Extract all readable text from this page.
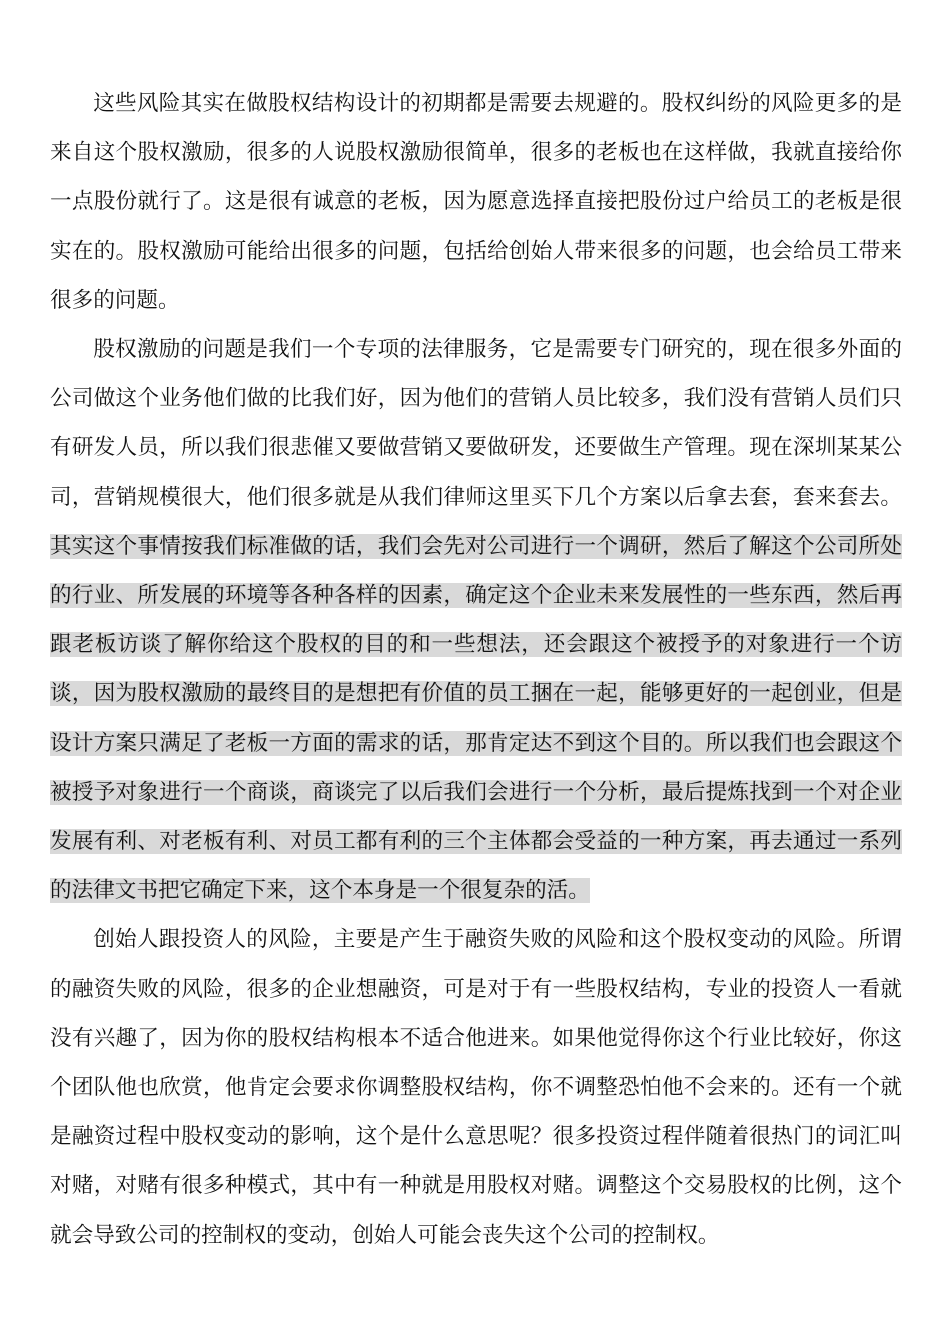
这些风险其实在做股权结构设计的初期都是需要去规避的。股权纠纷的风险更多的是来自这个股权激励，很多的人说股权激励很简单，很多的老板也在这样做，我就直接给你一点股份就行了。这是很有诚意的老板，因为愿意选择直接把股份过户给员工的老板是很实在的。股权激励可能给出很多的问题，包括给创始人带来很多的问题，也会给员工带来很多的问题。

股权激励的问题是我们一个专项的法律服务，它是需要专门研究的，现在很多外面的公司做这个业务他们做的比我们好，因为他们的营销人员比较多，我们没有营销人员们只有研发人员，所以我们很悲催又要做营销又要做研发，还要做生产管理。现在深圳某某公司，营销规模很大，他们很多就是从我们律师这里买下几个方案以后拿去套，套来套去。其实这个事情按我们标准做的话，我们会先对公司进行一个调研，然后了解这个公司所处的行业、所发展的环境等各种各样的因素，确定这个企业未来发展性的一些东西，然后再跟老板访谈了解你给这个股权的目的和一些想法，还会跟这个被授予的对象进行一个访谈，因为股权激励的最终目的是想把有价值的员工捆在一起，能够更好的一起创业，但是设计方案只满足了老板一方面的需求的话，那肯定达不到这个目的。所以我们也会跟这个被授予对象进行一个商谈，商谈完了以后我们会进行一个分析，最后提炼找到一个对企业发展有利、对老板有利、对员工都有利的三个主体都会受益的一种方案，再去通过一系列的法律文书把它确定下来，这个本身是一个很复杂的活。

创始人跟投资人的风险，主要是产生于融资失败的风险和这个股权变动的风险。所谓的融资失败的风险，很多的企业想融资，可是对于有一些股权结构，专业的投资人一看就没有兴趣了，因为你的股权结构根本不适合他进来。如果他觉得你这个行业比较好，你这个团队他也欣赏，他肯定会要求你调整股权结构，你不调整恐怕他不会来的。还有一个就是融资过程中股权变动的影响，这个是什么意思呢？很多投资过程伴随着很热门的词汇叫对赌，对赌有很多种模式，其中有一种就是用股权对赌。调整这个交易股权的比例，这个就会导致公司的控制权的变动，创始人可能会丧失这个公司的控制权。
